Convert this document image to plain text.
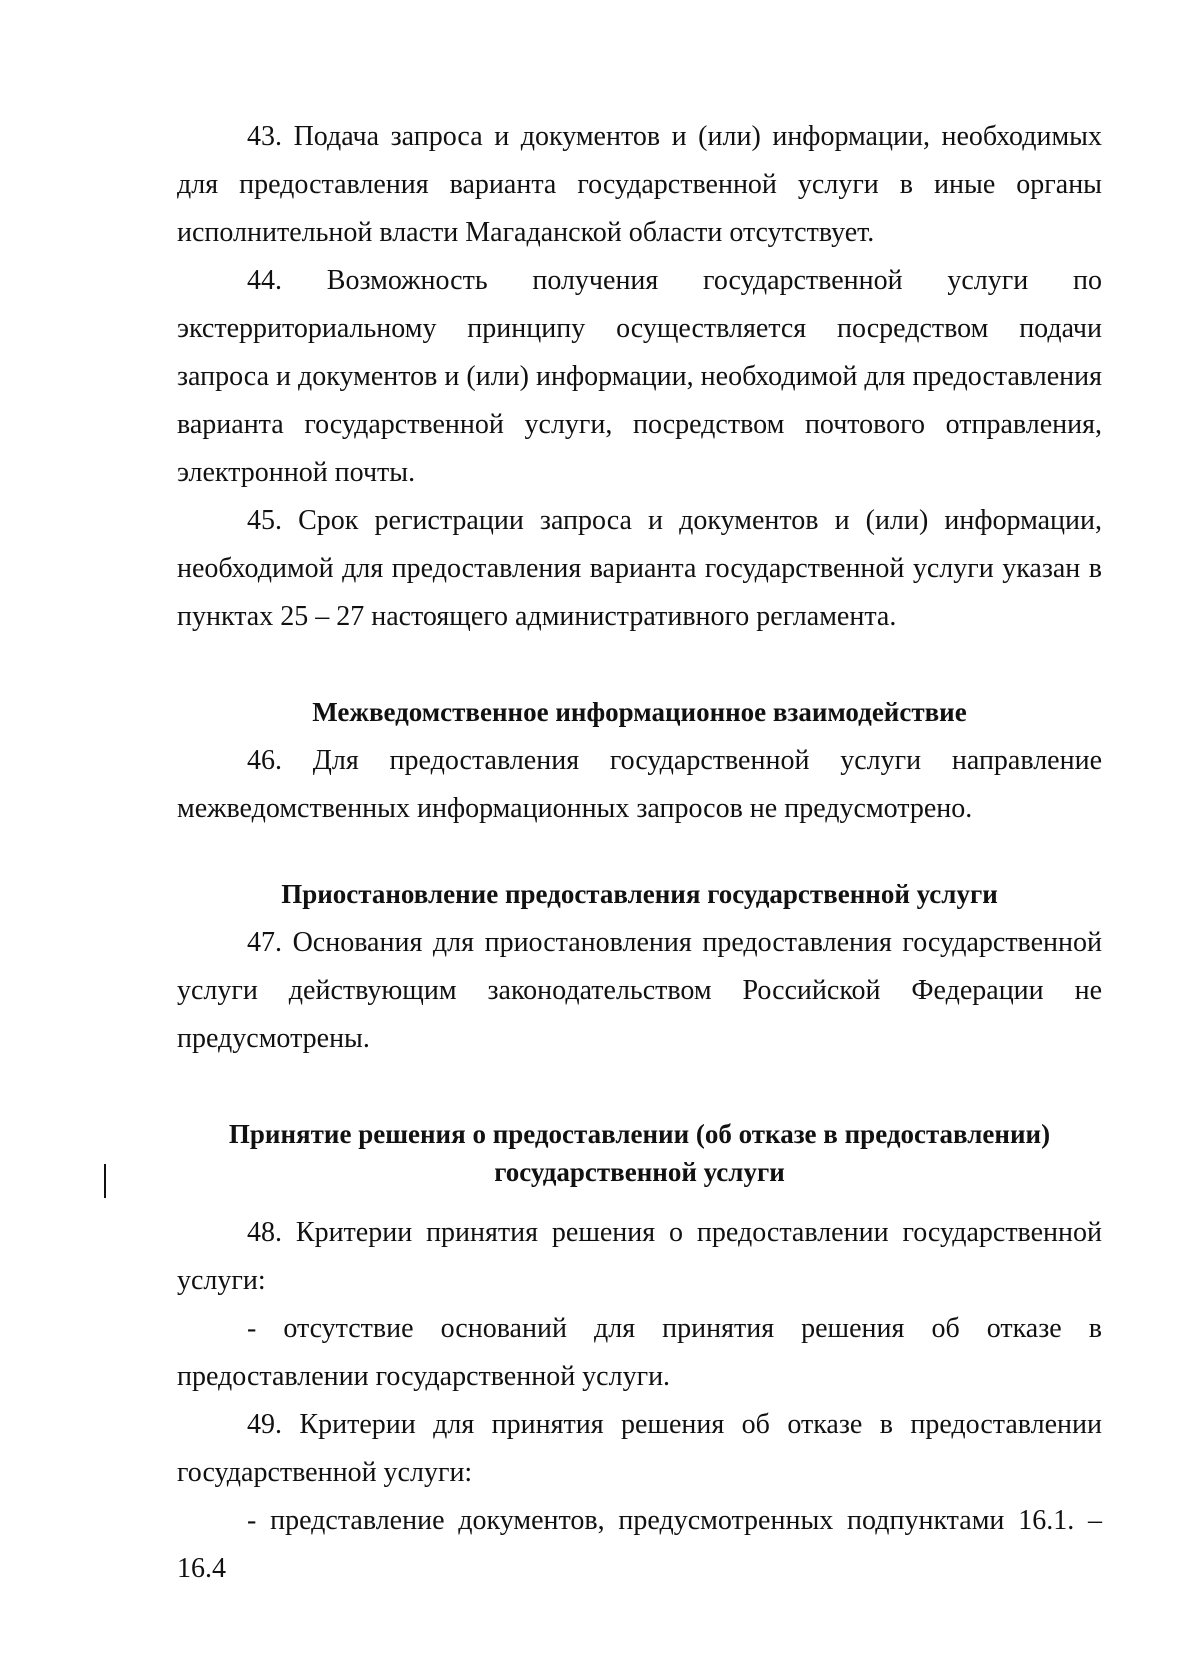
43. Подача запроса и документов и (или) информации, необходимых для предоставления варианта государственной услуги в иные органы исполнительной власти Магаданской области отсутствует.

44. Возможность получения государственной услуги по экстерриториальному принципу осуществляется посредством подачи запроса и документов и (или) информации, необходимой для предоставления варианта государственной услуги, посредством почтового отправления, электронной почты.

45. Срок регистрации запроса и документов и (или) информации, необходимой для предоставления варианта государственной услуги указан в пунктах 25 – 27 настоящего административного регламента.

Межведомственное информационное взаимодействие

46. Для предоставления государственной услуги направление межведомственных информационных запросов не предусмотрено.

Приостановление предоставления государственной услуги

47. Основания для приостановления предоставления государственной услуги действующим законодательством Российской Федерации не предусмотрены.

Принятие решения о предоставлении (об отказе в предоставлении)
государственной услуги

48. Критерии принятия решения о предоставлении государственной услуги:

- отсутствие оснований для принятия решения об отказе в предоставлении государственной услуги.

49. Критерии для принятия решения об отказе в предоставлении государственной услуги:

- представление документов, предусмотренных подпунктами 16.1. – 16.4
